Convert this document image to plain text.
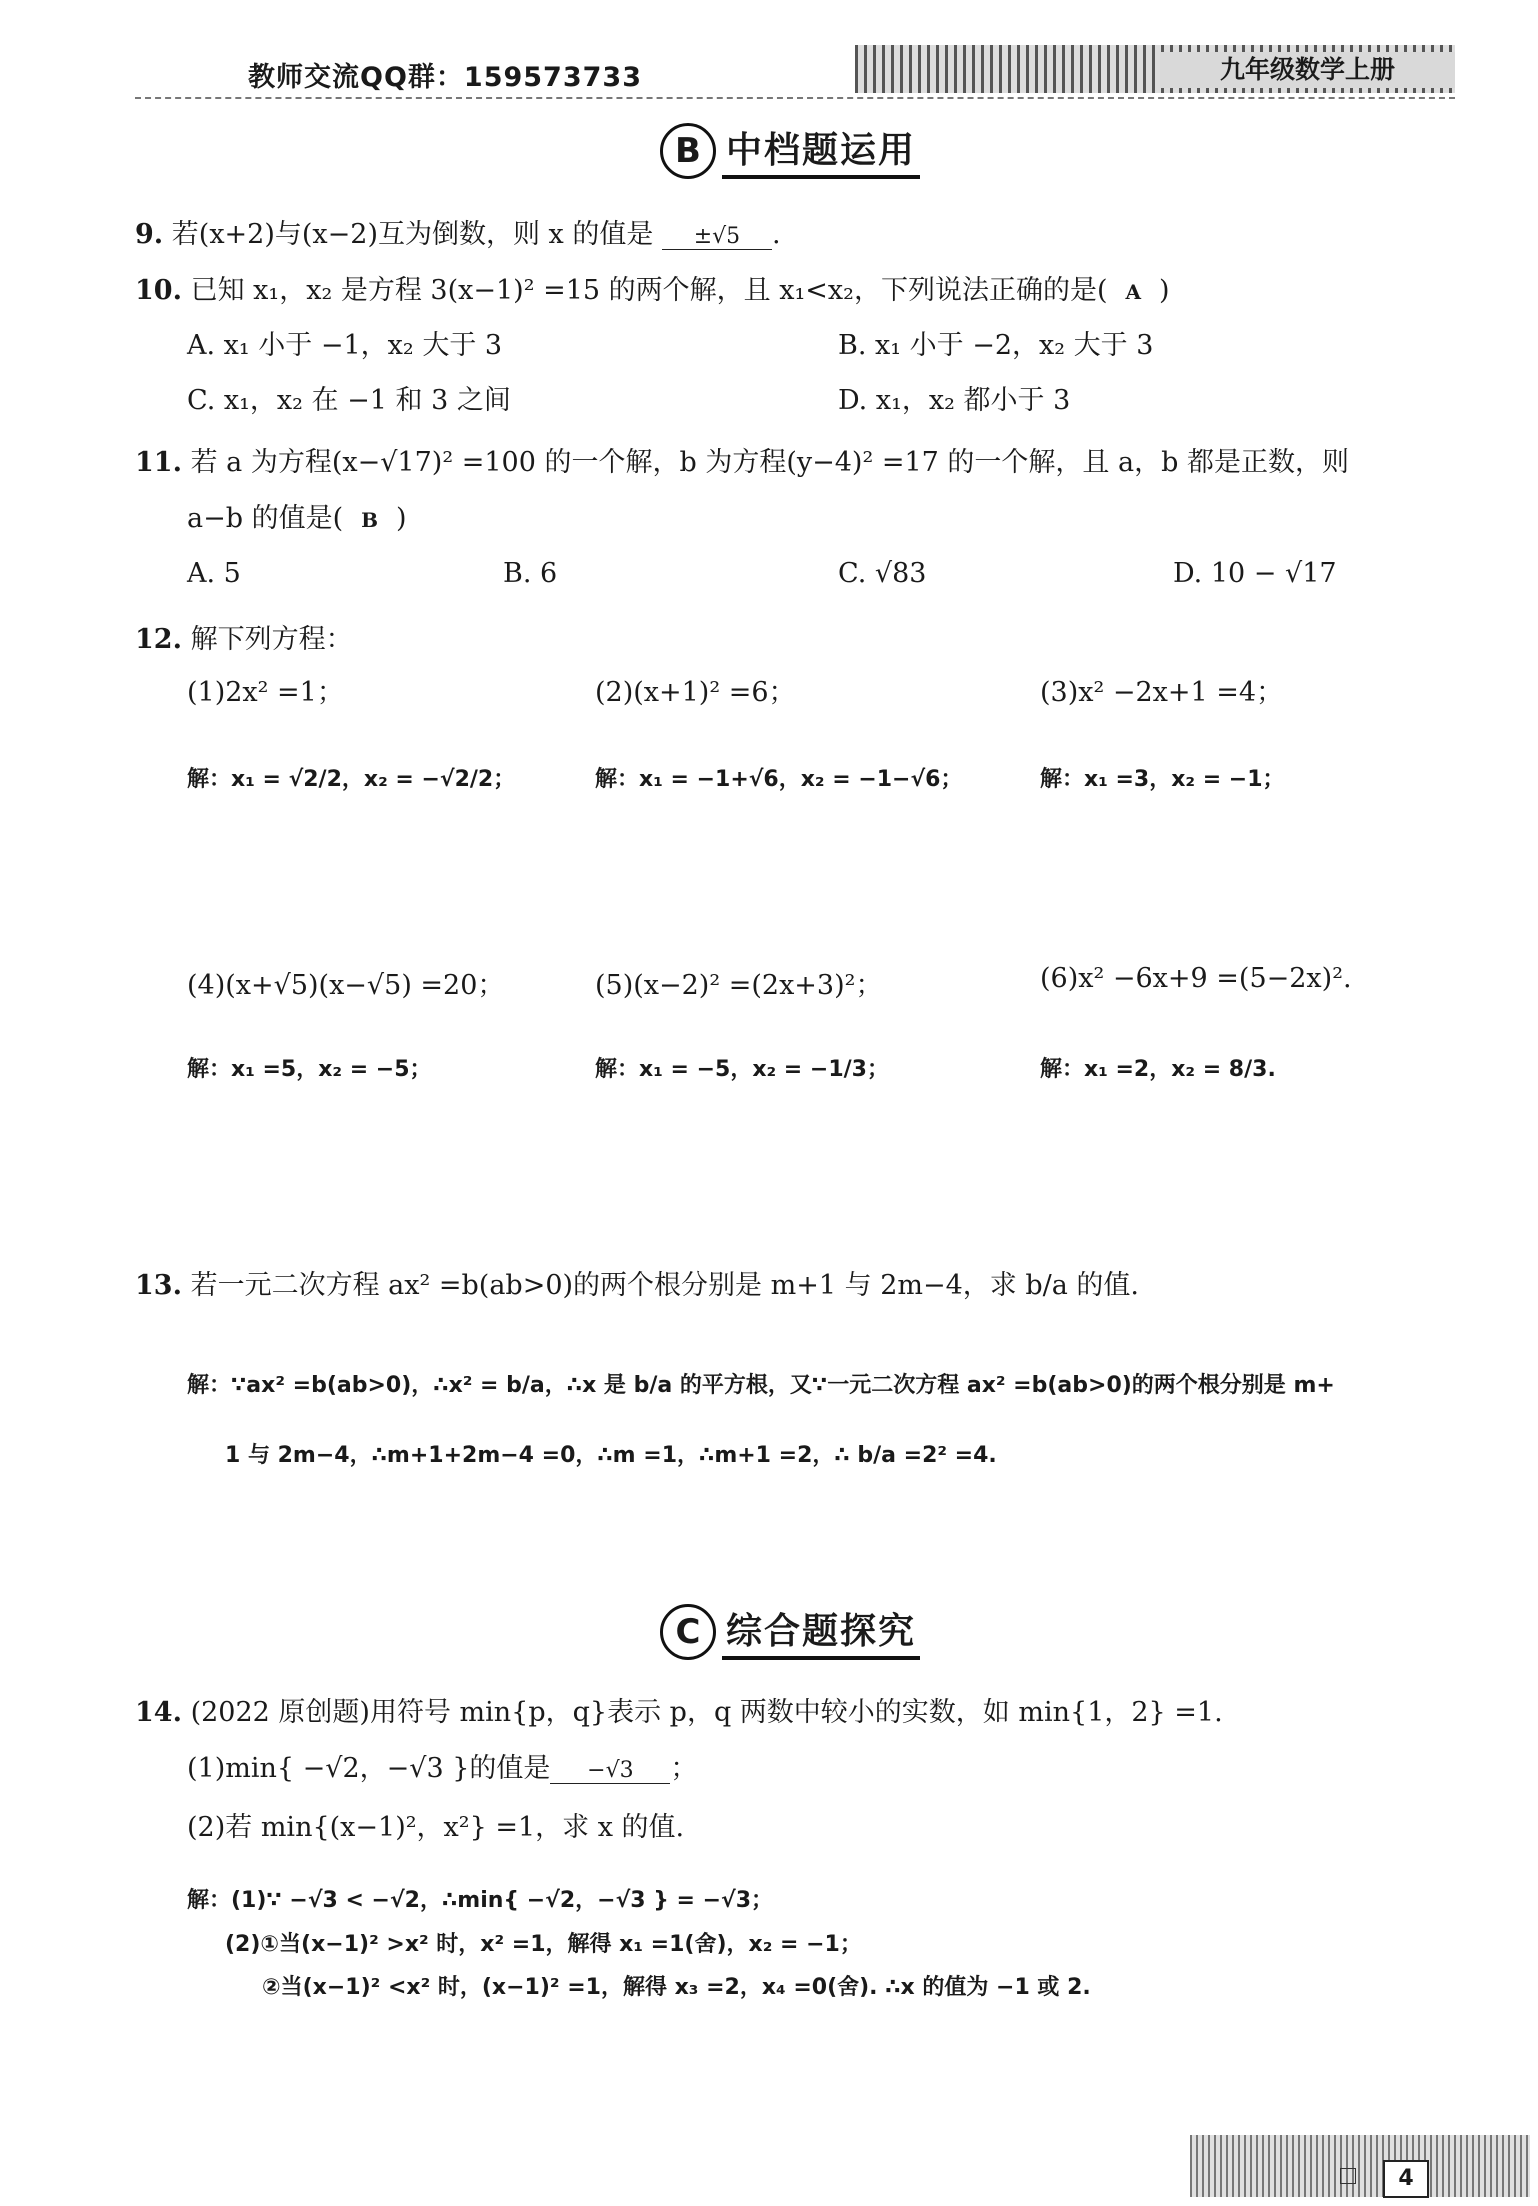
教师交流QQ群：159573733	九年级数学上册
B 中档题运用
9. 若(x+2)与(x−2)互为倒数，则 x 的值是 ±√5 .
10. 已知 x₁，x₂ 是方程 3(x−1)² =15 的两个解，且 x₁<x₂，下列说法正确的是( A )
A. x₁ 小于 −1，x₂ 大于 3	B. x₁ 小于 −2，x₂ 大于 3
C. x₁，x₂ 在 −1 和 3 之间	D. x₁，x₂ 都小于 3
11. 若 a 为方程(x−√17)² =100 的一个解，b 为方程(y−4)² =17 的一个解，且 a，b 都是正数，则
a−b 的值是( B )
A. 5	B. 6	C. √83	D. 10 − √17
12. 解下列方程：
(1)2x² =1；	(2)(x+1)² =6；	(3)x² −2x+1 =4；
解：x₁ = √2/2，x₂ = −√2/2；	解：x₁ = −1+√6，x₂ = −1−√6；	解：x₁ =3，x₂ = −1；
(4)(x+√5)(x−√5) =20；	(5)(x−2)² =(2x+3)²；	(6)x² −6x+9 =(5−2x)².
解：x₁ =5，x₂ = −5；	解：x₁ = −5，x₂ = −1/3；	解：x₁ =2，x₂ = 8/3.
13. 若一元二次方程 ax² =b(ab>0)的两个根分别是 m+1 与 2m−4，求 b/a 的值.
解：∵ax² =b(ab>0)，∴x² = b/a，∴x 是 b/a 的平方根，又∵一元二次方程 ax² =b(ab>0)的两个根分别是 m+
1 与 2m−4，∴m+1+2m−4 =0，∴m =1，∴m+1 =2，∴ b/a =2² =4.
C 综合题探究
14. (2022 原创题)用符号 min{p，q}表示 p，q 两数中较小的实数，如 min{1，2} =1.
(1)min{ −√2，−√3 }的值是 −√3 ；
(2)若 min{(x−1)²，x²} =1，求 x 的值.
解：(1)∵ −√3 < −√2，∴min{ −√2，−√3 } = −√3；
(2)①当(x−1)² >x² 时，x² =1，解得 x₁ =1(舍)，x₂ = −1；
②当(x−1)² <x² 时，(x−1)² =1，解得 x₃ =2，x₄ =0(舍). ∴x 的值为 −1 或 2.
4
